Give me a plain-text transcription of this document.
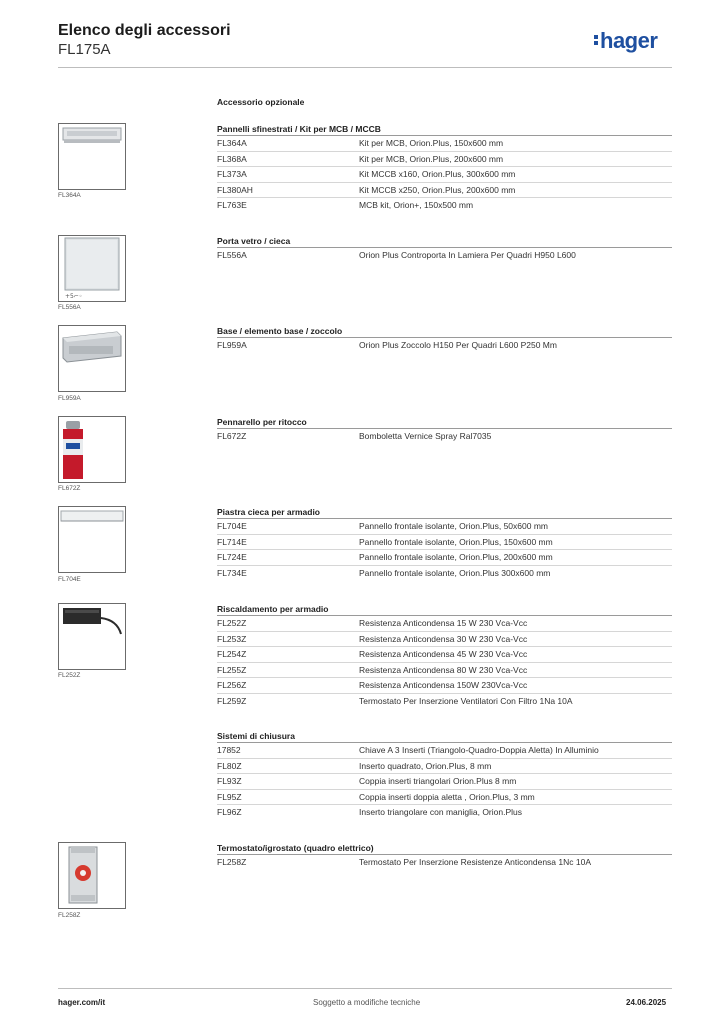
Elenco degli accessori
FL175A	hager
Accessorio opzionale
FL364A
Pannelli sfinestrati / Kit per MCB / MCCB
FL364A	Kit per MCB, Orion.Plus, 150x600 mm
FL368A	Kit per MCB, Orion.Plus, 200x600 mm
FL373A	Kit MCCB x160, Orion.Plus, 300x600 mm
FL380AH	Kit MCCB x250, Orion.Plus, 200x600 mm
FL763E	MCB kit, Orion+, 150x500 mm
+5⌐◦
FL556A
Porta vetro / cieca
FL556A	Orion Plus Controporta In Lamiera Per Quadri H950 L600
FL959A
Base / elemento base / zoccolo
FL959A	Orion Plus Zoccolo H150 Per Quadri L600 P250 Mm
FL672Z
Pennarello per ritocco
FL672Z	Bomboletta Vernice Spray Ral7035
FL704E
Piastra cieca per armadio
FL704E	Pannello frontale isolante, Orion.Plus, 50x600 mm
FL714E	Pannello frontale isolante, Orion.Plus, 150x600 mm
FL724E	Pannello frontale isolante, Orion.Plus, 200x600 mm
FL734E	Pannello frontale isolante, Orion.Plus 300x600 mm
FL252Z
Riscaldamento per armadio
FL252Z	Resistenza Anticondensa 15 W 230 Vca-Vcc
FL253Z	Resistenza Anticondensa 30 W 230 Vca-Vcc
FL254Z	Resistenza Anticondensa 45 W 230 Vca-Vcc
FL255Z	Resistenza Anticondensa 80 W 230 Vca-Vcc
FL256Z	Resistenza Anticondensa 150W 230Vca-Vcc
FL259Z	Termostato Per Inserzione Ventilatori Con Filtro 1Na 10A
Sistemi di chiusura
17852	Chiave A 3 Inserti (Triangolo-Quadro-Doppia Aletta) In Alluminio
FL80Z	Inserto quadrato, Orion.Plus, 8 mm
FL93Z	Coppia inserti triangolari Orion.Plus 8 mm
FL95Z	Coppia inserti doppia aletta , Orion.Plus, 3 mm
FL96Z	Inserto triangolare con maniglia, Orion.Plus
FL258Z
Termostato/igrostato (quadro elettrico)
FL258Z	Termostato Per Inserzione Resistenze Anticondensa 1Nc 10A
hager.com/it	Soggetto a modifiche tecniche	24.06.2025
